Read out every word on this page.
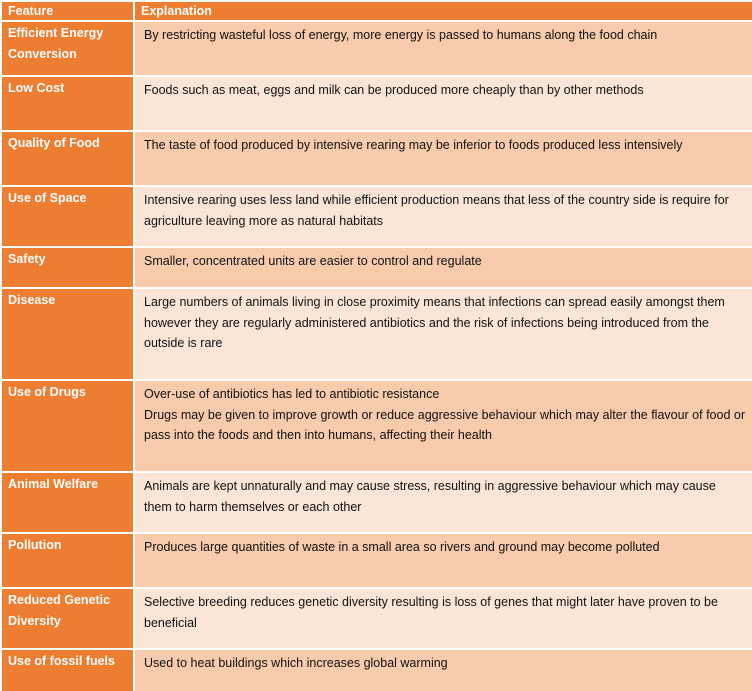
Feature	Explanation
Efficient Energy Conversion	By restricting wasteful loss of energy, more energy is passed to humans along the food chain

Low Cost	Foods such as meat, eggs and milk can be produced more cheaply than by other methods

Quality of Food	The taste of food produced by intensive rearing may be inferior to foods produced less intensively

Use of Space	Intensive rearing uses less land while efficient production means that less of the country side is require for agriculture leaving more as natural habitats

Safety	Smaller, concentrated units are easier to control and regulate

Disease	Large numbers of animals living in close proximity means that infections can spread easily amongst them however they are regularly administered antibiotics and the risk of infections being introduced from the outside is rare

Use of Drugs	Over-use of antibiotics has led to antibiotic resistance
Drugs may be given to improve growth or reduce aggressive behaviour which may alter the flavour of food or pass into the foods and then into humans, affecting their health

Animal Welfare	Animals are kept unnaturally and may cause stress, resulting in aggressive behaviour which may cause them to harm themselves or each other

Pollution	Produces large quantities of waste in a small area so rivers and ground may become polluted

Reduced Genetic Diversity	Selective breeding reduces genetic diversity resulting is loss of genes that might later have proven to be beneficial

Use of fossil fuels	Used to heat buildings which increases global warming
